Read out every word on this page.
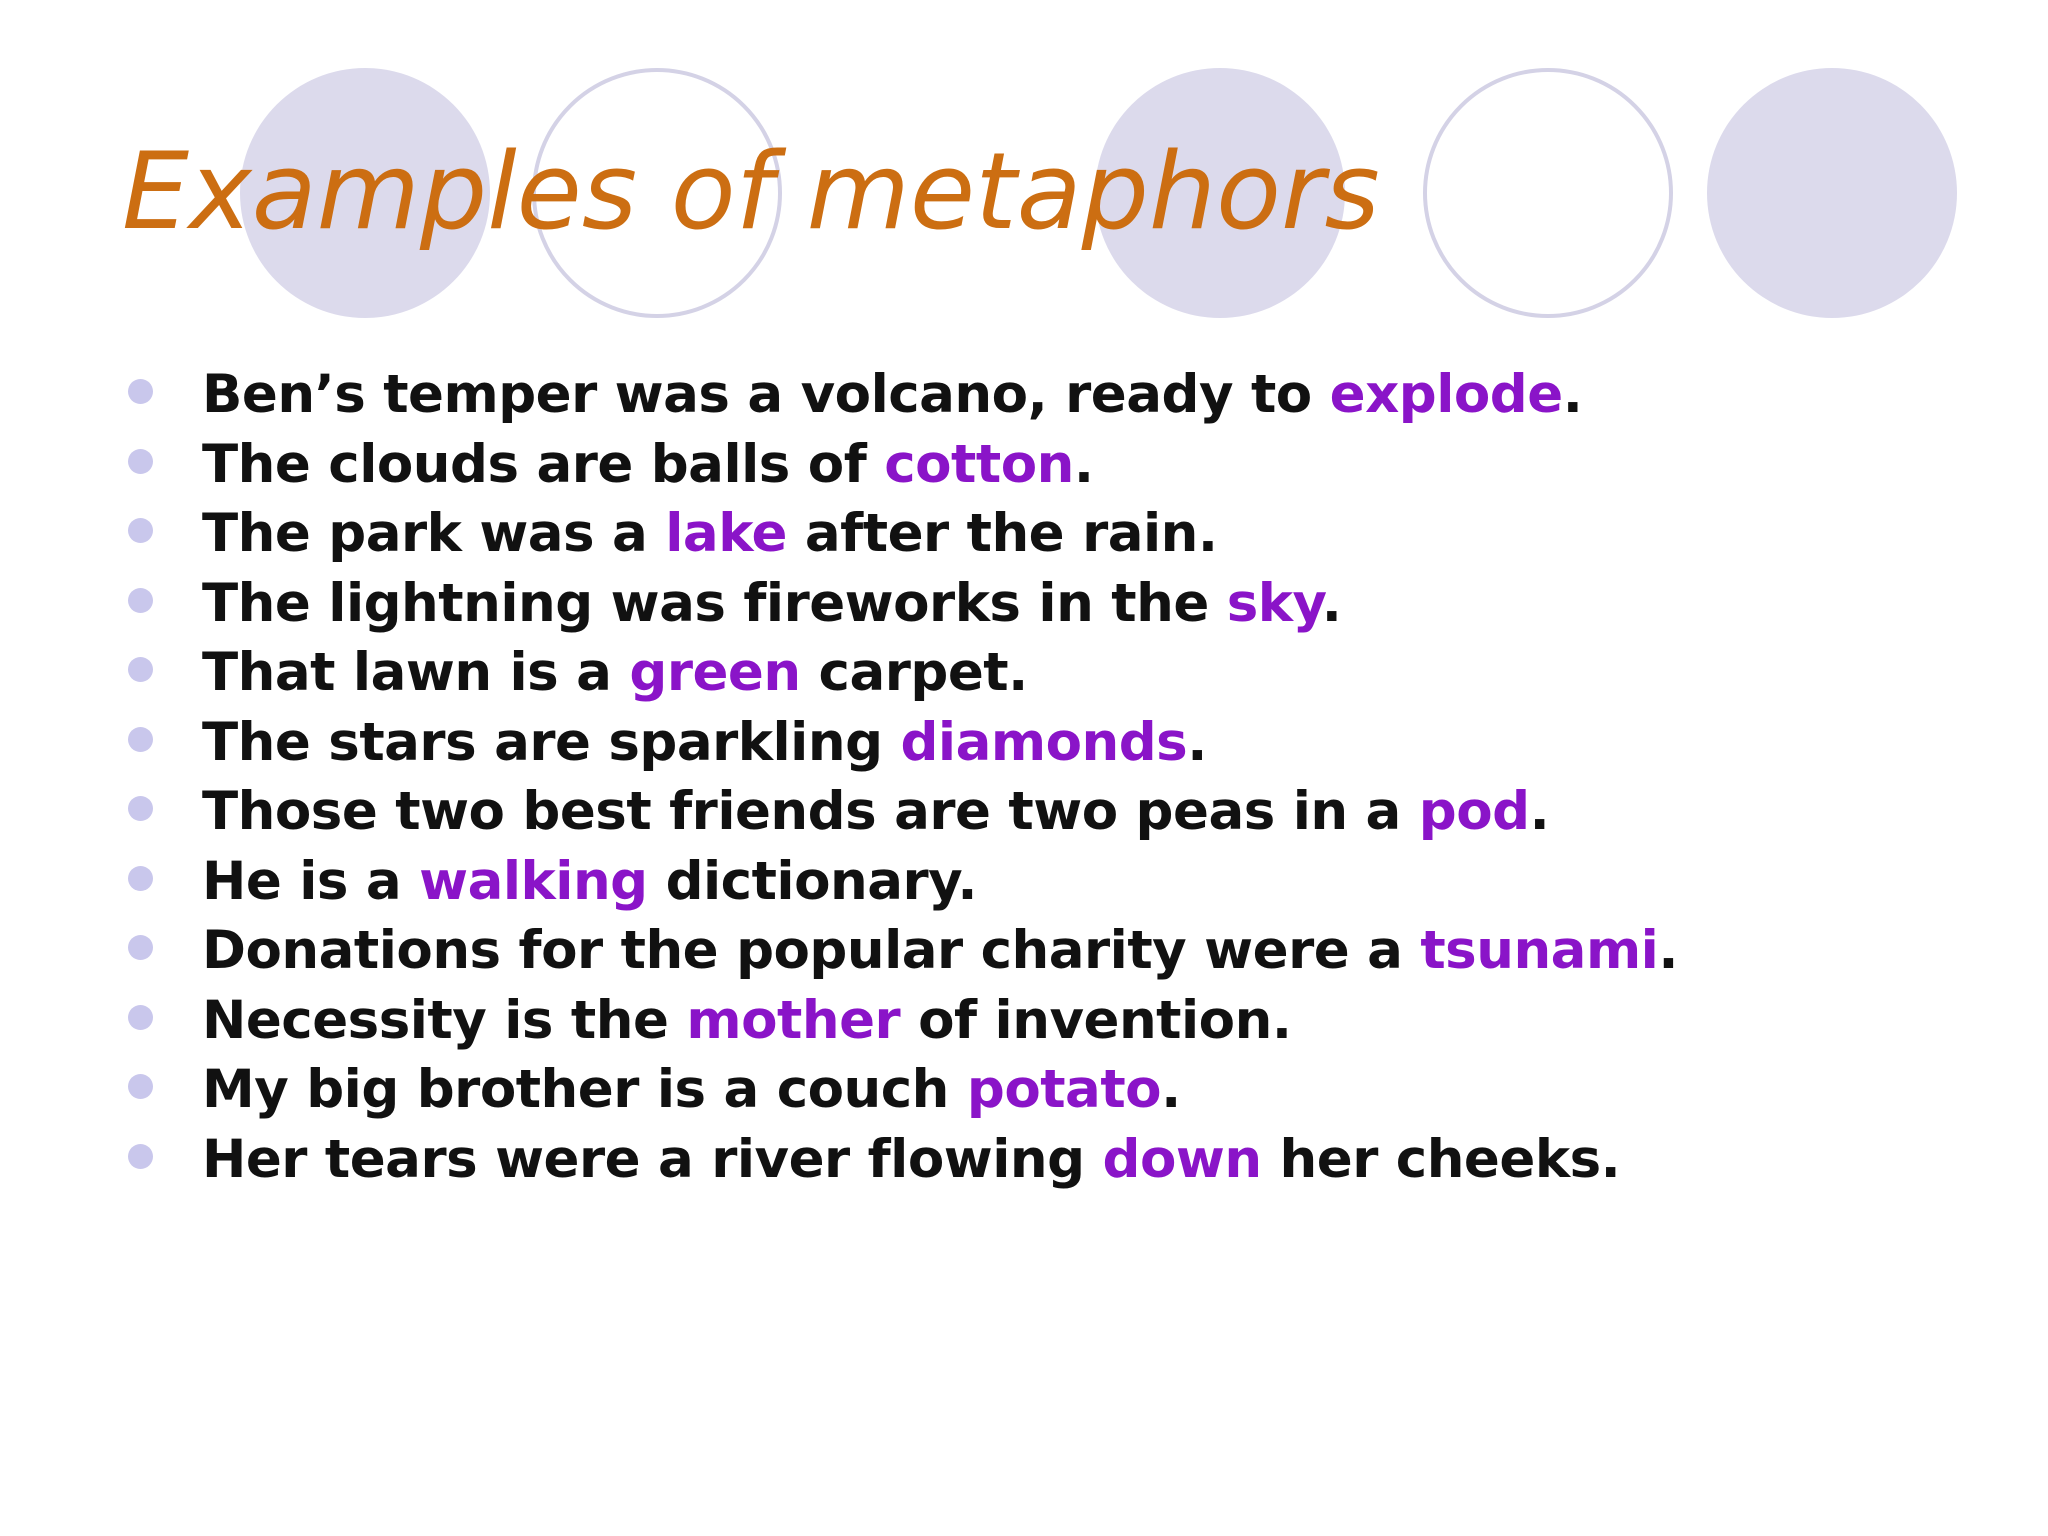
Examples of metaphors
Ben’s temper was a volcano, ready to explode.
The clouds are balls of cotton.
The park was a lake after the rain.
The lightning was fireworks in the sky.
That lawn is a green carpet.
The stars are sparkling diamonds.
Those two best friends are two peas in a pod.
He is a walking dictionary.
Donations for the popular charity were a tsunami.
Necessity is the mother of invention.
My big brother is a couch potato.
Her tears were a river flowing down her cheeks.
